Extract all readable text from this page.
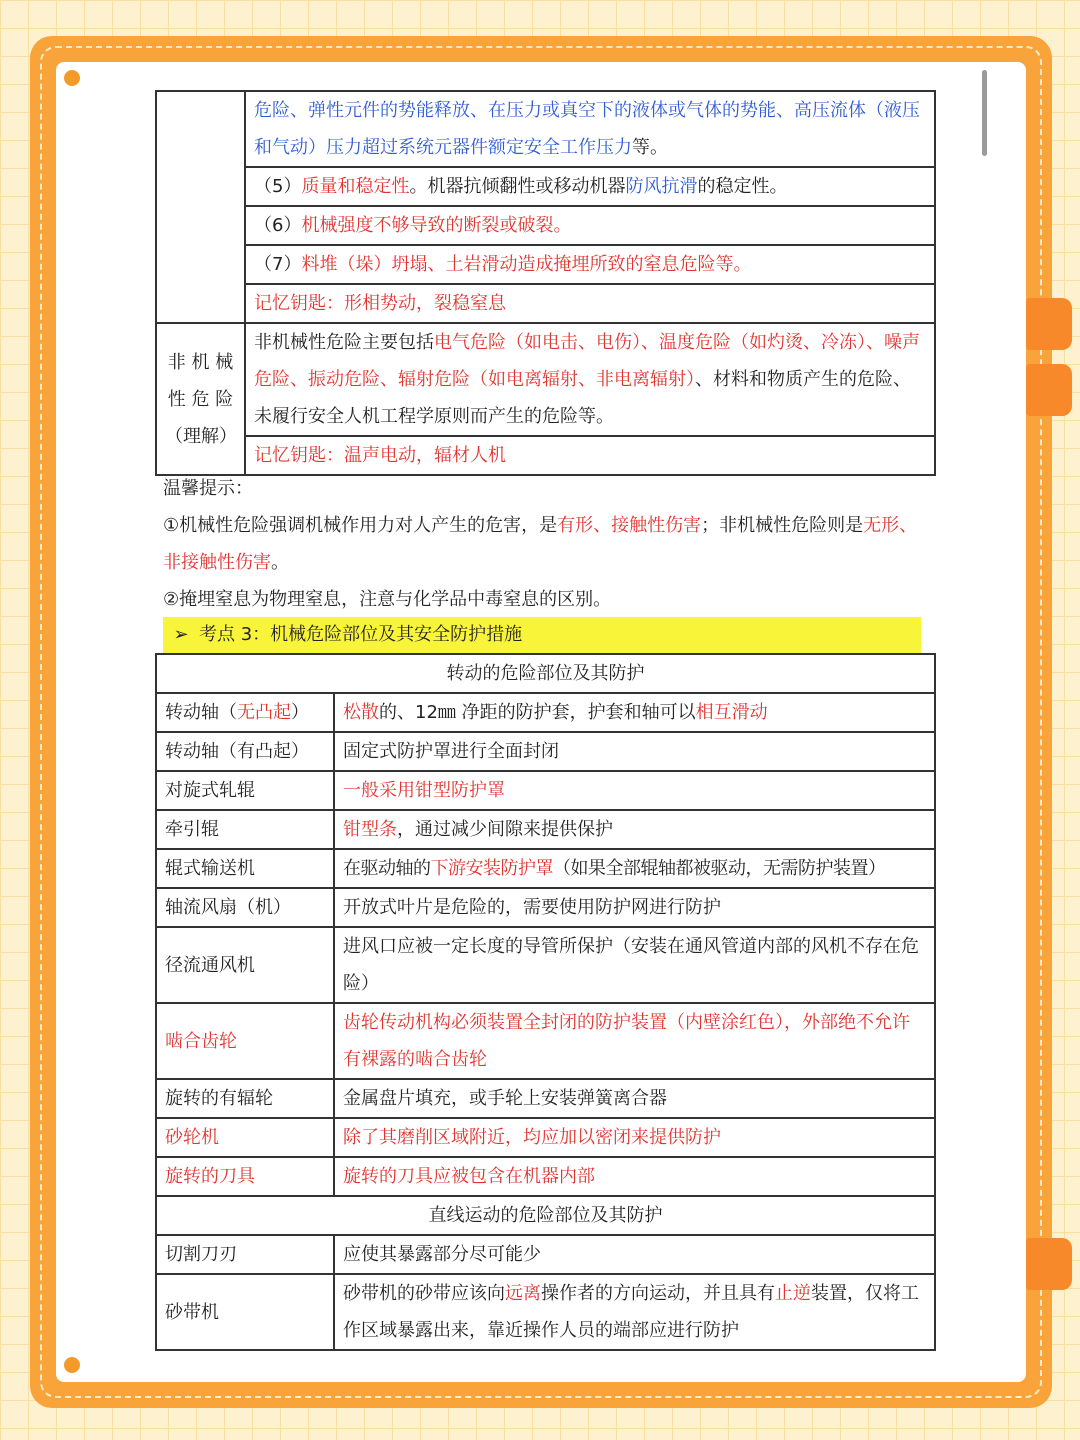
	危险、弹性元件的势能释放、在压力或真空下的液体或气体的势能、高压流体（液压和气动）压力超过系统元器件额定安全工作压力等。
	（5）质量和稳定性。机器抗倾翻性或移动机器防风抗滑的稳定性。
	（6）机械强度不够导致的断裂或破裂。
	（7）料堆（垛）坍塌、土岩滑动造成掩埋所致的窒息危险等。
	记忆钥匙：形相势动，裂稳窒息

非 机 械
性 危 险
（理解）	非机械性危险主要包括电气危险（如电击、电伤）、温度危险（如灼烫、冷冻）、噪声危险、振动危险、辐射危险（如电离辐射、非电离辐射）、材料和物质产生的危险、未履行安全人机工程学原则而产生的危险等。
	记忆钥匙：温声电动，辐材人机

温馨提示：

①机械性危险强调机械作用力对人产生的危害，是有形、接触性伤害；非机械性危险则是无形、非接触性伤害。

②掩埋窒息为物理窒息，注意与化学品中毒窒息的区别。

➢ 考点 3：机械危险部位及其安全防护措施
转动的危险部位及其防护	
转动轴（无凸起）	松散的、12㎜ 净距的防护套，护套和轴可以相互滑动
转动轴（有凸起）	固定式防护罩进行全面封闭
对旋式轧辊	一般采用钳型防护罩
牵引辊	钳型条，通过减少间隙来提供保护
辊式输送机	在驱动轴的下游安装防护罩（如果全部辊轴都被驱动，无需防护装置）
轴流风扇（机）	开放式叶片是危险的，需要使用防护网进行防护
径流通风机	进风口应被一定长度的导管所保护（安装在通风管道内部的风机不存在危险）
啮合齿轮	齿轮传动机构必须装置全封闭的防护装置（内壁涂红色），外部绝不允许有裸露的啮合齿轮
旋转的有辐轮	金属盘片填充，或手轮上安装弹簧离合器
砂轮机	除了其磨削区域附近，均应加以密闭来提供防护
旋转的刀具	旋转的刀具应被包含在机器内部
直线运动的危险部位及其防护	
切割刀刃	应使其暴露部分尽可能少
砂带机	砂带机的砂带应该向远离操作者的方向运动，并且具有止逆装置，仅将工作区域暴露出来，靠近操作人员的端部应进行防护
